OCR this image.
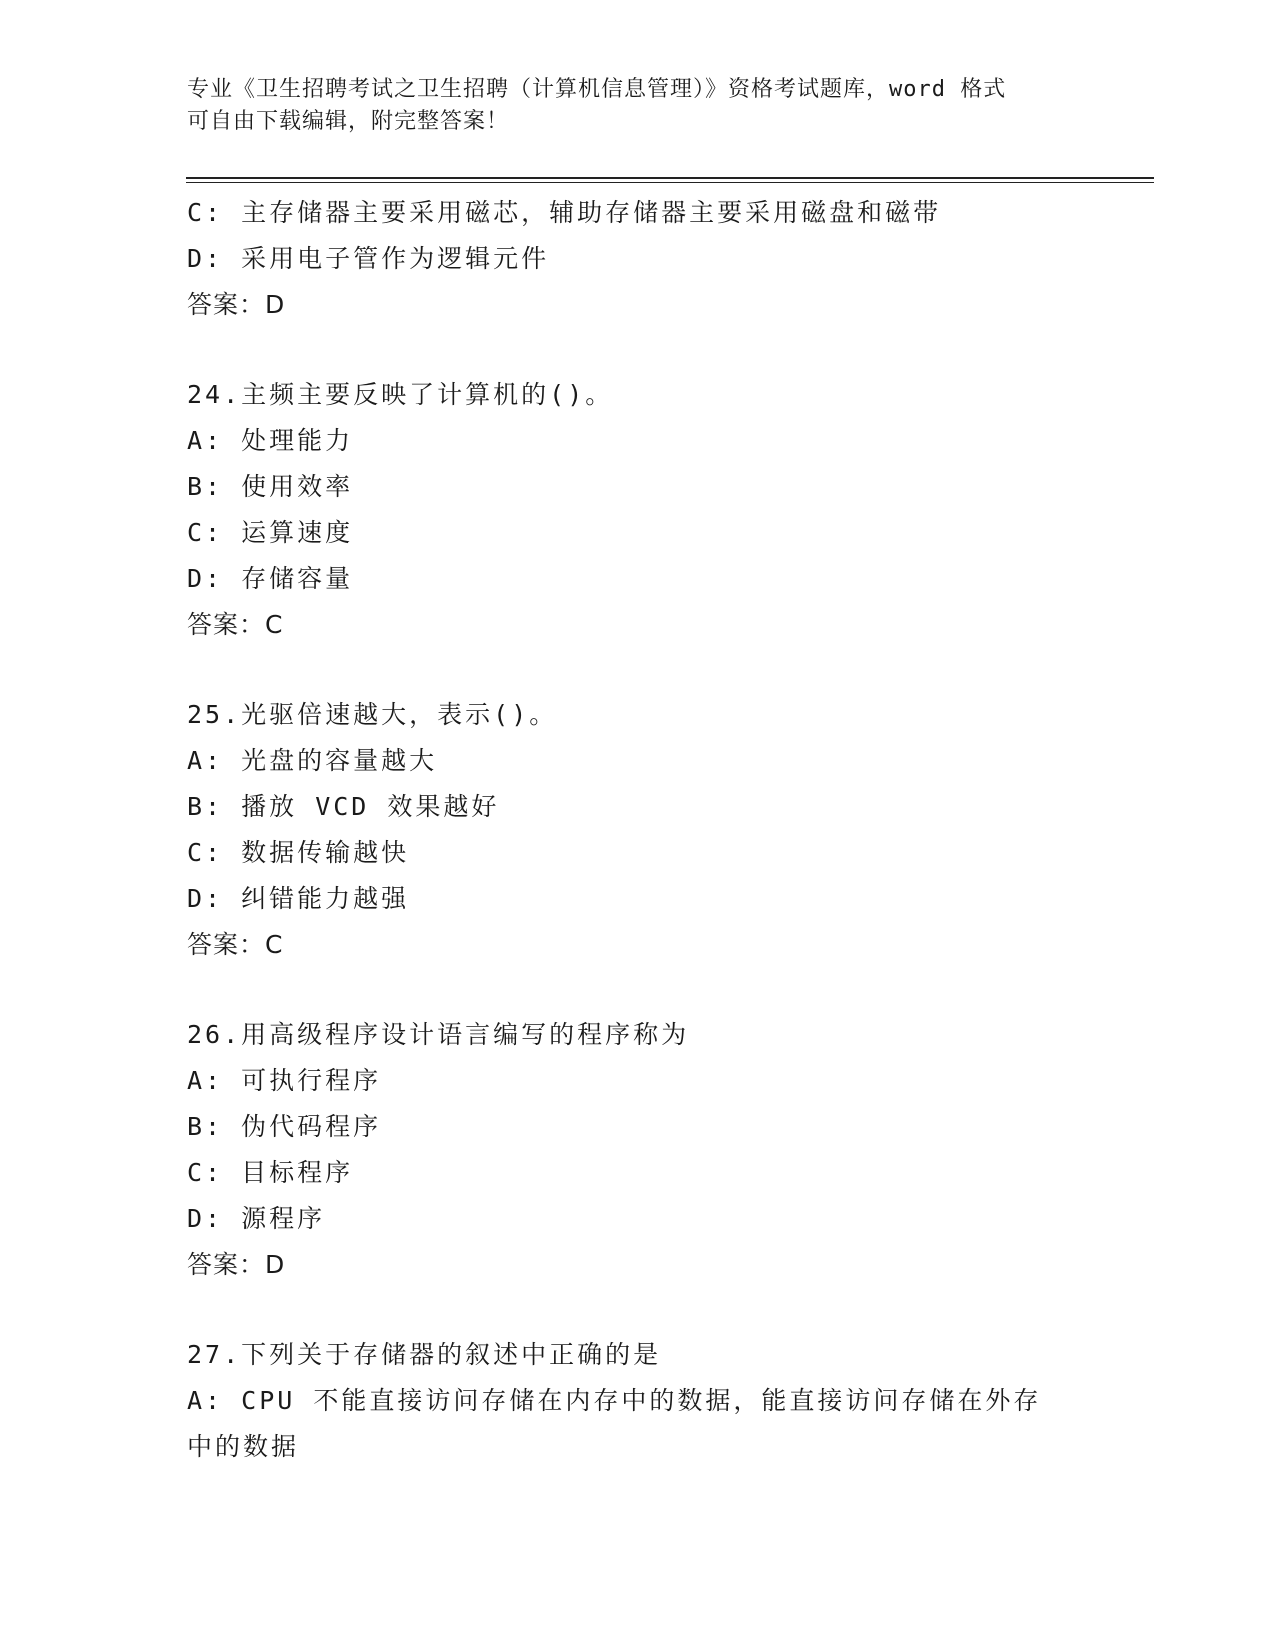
专业《卫生招聘考试之卫生招聘（计算机信息管理）》资格考试题库，word 格式
可自由下载编辑，附完整答案！
C: 主存储器主要采用磁芯，辅助存储器主要采用磁盘和磁带
D: 采用电子管作为逻辑元件
答案：D
24.主频主要反映了计算机的()。
A: 处理能力
B: 使用效率
C: 运算速度
D: 存储容量
答案：C
25.光驱倍速越大，表示()。
A: 光盘的容量越大
B: 播放 VCD 效果越好
C: 数据传输越快
D: 纠错能力越强
答案：C
26.用高级程序设计语言编写的程序称为
A: 可执行程序
B: 伪代码程序
C: 目标程序
D: 源程序
答案：D
27.下列关于存储器的叙述中正确的是
A: CPU 不能直接访问存储在内存中的数据，能直接访问存储在外存中的数据
